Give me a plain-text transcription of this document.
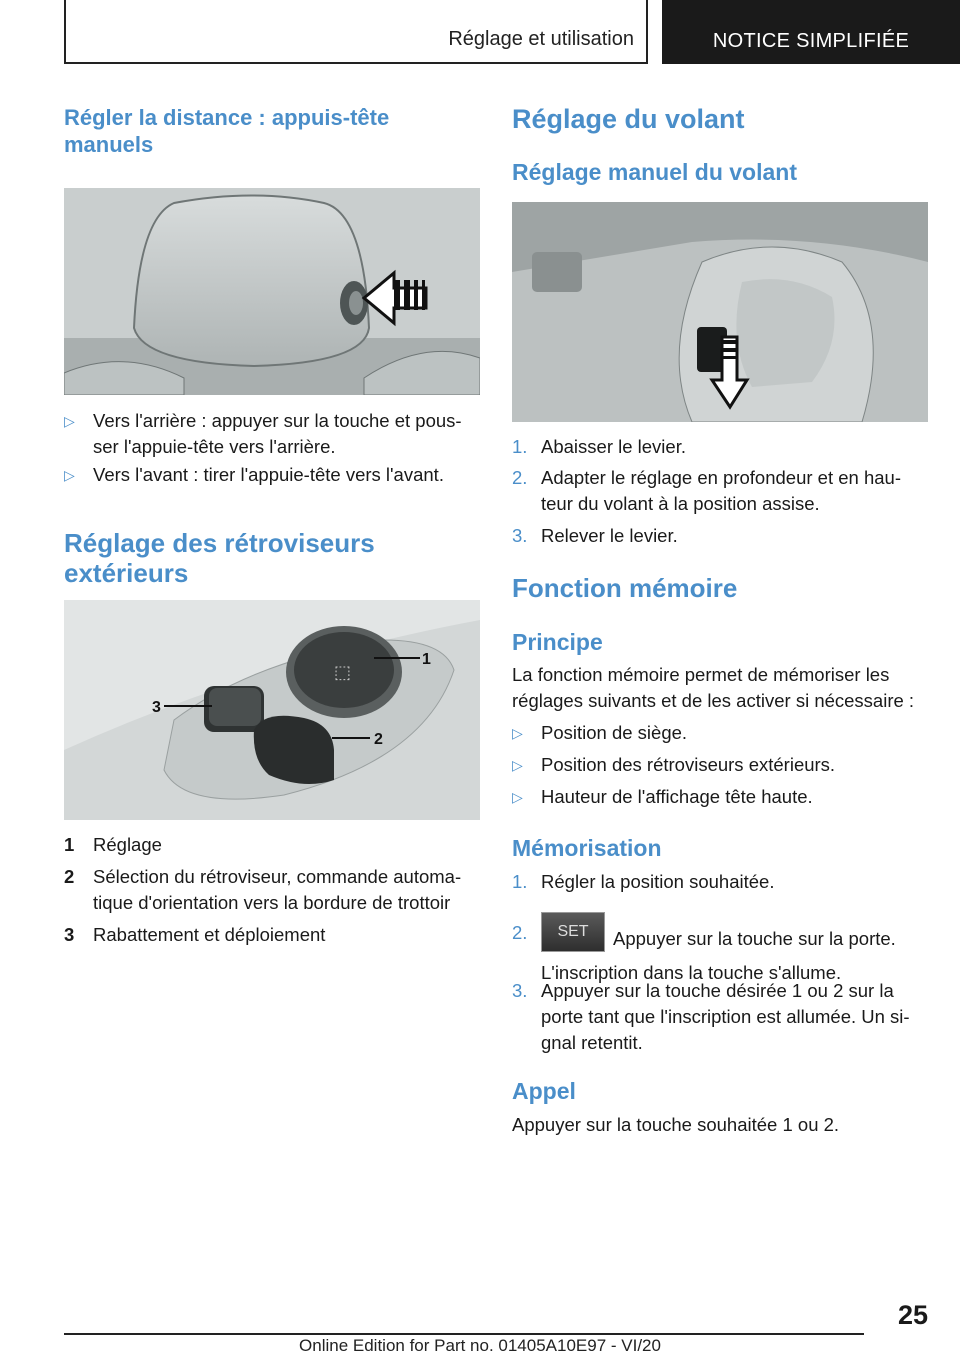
Réglage et utilisation	NOTICE SIMPLIFIÉE
Régler la distance : appuis-tête manuels
▷ Vers l'arrière : appuyer sur la touche et pous-ser l'appuie-tête vers l'arrière.
▷ Vers l'avant : tirer l'appuie-tête vers l'avant.
Réglage des rétroviseurs extérieurs
⬚
1
2
3
1 Réglage
2 Sélection du rétroviseur, commande automa-tique d'orientation vers la bordure de trottoir
3 Rabattement et déploiement
Réglage du volant
Réglage manuel du volant
1. Abaisser le levier.
2. Adapter le réglage en profondeur et en hau-teur du volant à la position assise.
3. Relever le levier.
Fonction mémoire
Principe
La fonction mémoire permet de mémoriser les réglages suivants et de les activer si nécessaire :
▷ Position de siège.
▷ Position des rétroviseurs extérieurs.
▷ Hauteur de l'affichage tête haute.
Mémorisation
1. Régler la position souhaitée.
2. SET Appuyer sur la touche sur la porte. L'inscription dans la touche s'allume.
3. Appuyer sur la touche désirée 1 ou 2 sur la porte tant que l'inscription est allumée. Un si-gnal retentit.
Appel
Appuyer sur la touche souhaitée 1 ou 2.
25
Online Edition for Part no. 01405A10E97 - VI/20
